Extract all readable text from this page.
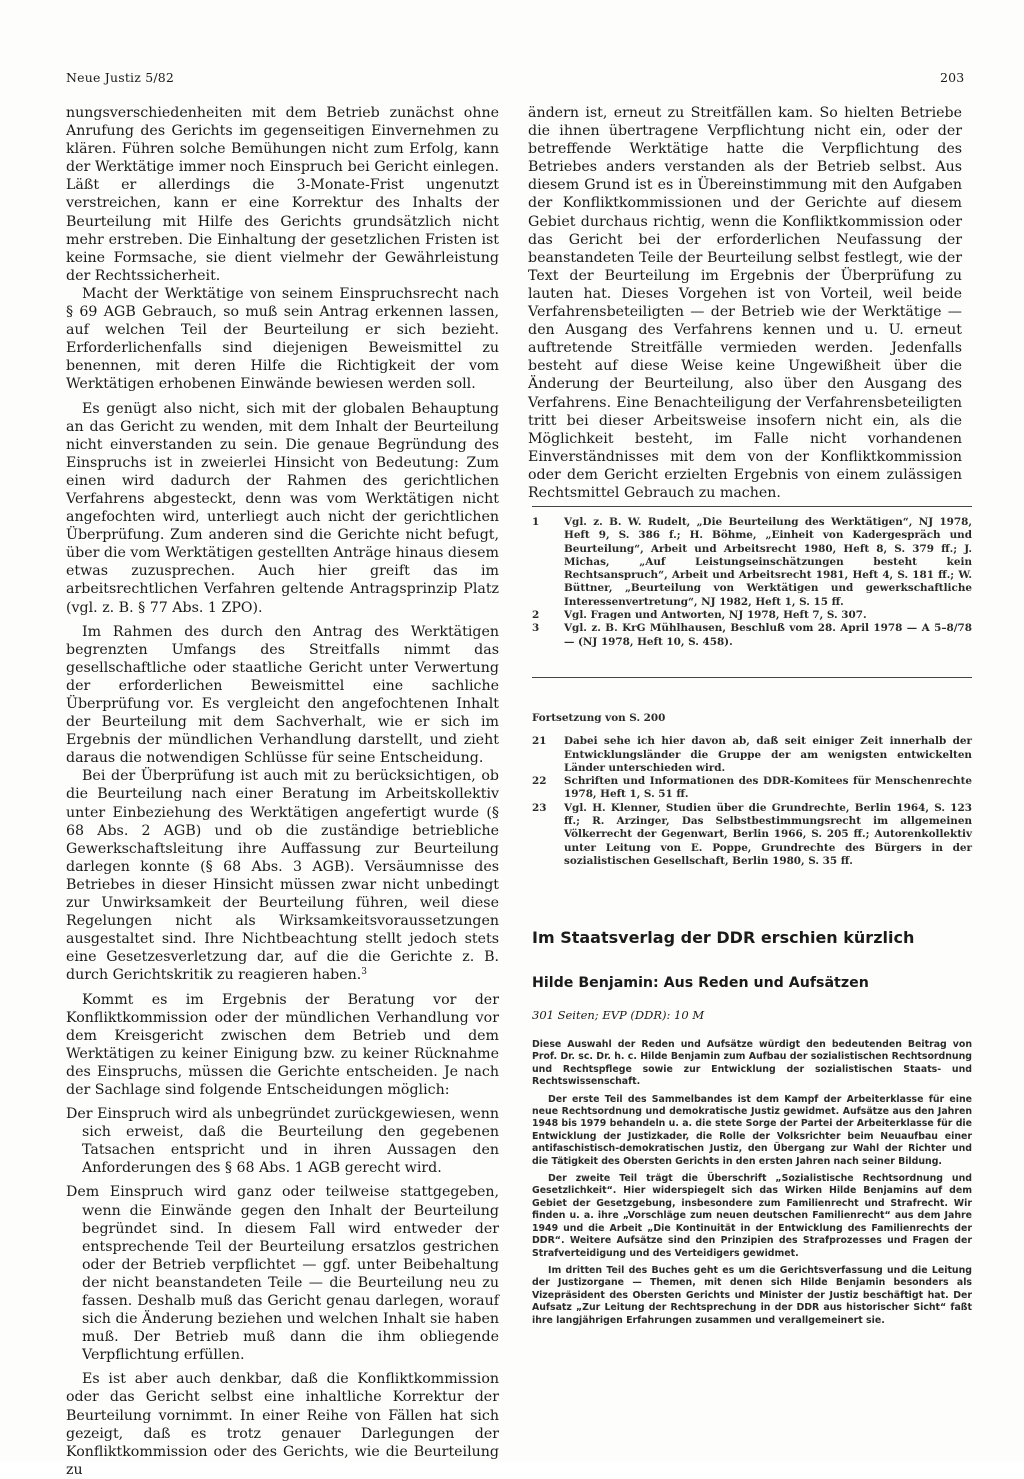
Neue Justiz 5/82	203

nungsverschiedenheiten mit dem Betrieb zunächst ohne Anrufung des Gerichts im gegenseitigen Einvernehmen zu klären. Führen solche Bemühungen nicht zum Erfolg, kann der Werktätige immer noch Einspruch bei Gericht einlegen. Läßt er allerdings die 3-Monate-Frist ungenutzt verstreichen, kann er eine Korrektur des Inhalts der Beurteilung mit Hilfe des Gerichts grundsätzlich nicht mehr erstreben. Die Einhaltung der gesetzlichen Fristen ist keine Formsache, sie dient vielmehr der Gewährleistung der Rechtssicherheit.

Macht der Werktätige von seinem Einspruchsrecht nach § 69 AGB Gebrauch, so muß sein Antrag erkennen lassen, auf welchen Teil der Beurteilung er sich bezieht. Erforderlichenfalls sind diejenigen Beweismittel zu benennen, mit deren Hilfe die Richtigkeit der vom Werktätigen erhobenen Einwände bewiesen werden soll.

Es genügt also nicht, sich mit der globalen Behauptung an das Gericht zu wenden, mit dem Inhalt der Beurteilung nicht einverstanden zu sein. Die genaue Begründung des Einspruchs ist in zweierlei Hinsicht von Bedeutung: Zum einen wird dadurch der Rahmen des gerichtlichen Verfahrens abgesteckt, denn was vom Werktätigen nicht angefochten wird, unterliegt auch nicht der gerichtlichen Überprüfung. Zum anderen sind die Gerichte nicht befugt, über die vom Werktätigen gestellten Anträge hinaus diesem etwas zuzusprechen. Auch hier greift das im arbeitsrechtlichen Verfahren geltende Antragsprinzip Platz (vgl. z. B. § 77 Abs. 1 ZPO).

Im Rahmen des durch den Antrag des Werktätigen begrenzten Umfangs des Streitfalls nimmt das gesellschaftliche oder staatliche Gericht unter Verwertung der erforderlichen Beweismittel eine sachliche Überprüfung vor. Es vergleicht den angefochtenen Inhalt der Beurteilung mit dem Sachverhalt, wie er sich im Ergebnis der mündlichen Verhandlung darstellt, und zieht daraus die notwendigen Schlüsse für seine Entscheidung.

Bei der Überprüfung ist auch mit zu berücksichtigen, ob die Beurteilung nach einer Beratung im Arbeitskollektiv unter Einbeziehung des Werktätigen angefertigt wurde (§ 68 Abs. 2 AGB) und ob die zuständige betriebliche Gewerkschaftsleitung ihre Auffassung zur Beurteilung darlegen konnte (§ 68 Abs. 3 AGB). Versäumnisse des Betriebes in dieser Hinsicht müssen zwar nicht unbedingt zur Unwirksamkeit der Beurteilung führen, weil diese Regelungen nicht als Wirksamkeitsvoraussetzungen ausgestaltet sind. Ihre Nichtbeachtung stellt jedoch stets eine Gesetzesverletzung dar, auf die die Gerichte z. B. durch Gerichtskritik zu reagieren haben.$^3$

Kommt es im Ergebnis der Beratung vor der Konfliktkommission oder der mündlichen Verhandlung vor dem Kreisgericht zwischen dem Betrieb und dem Werktätigen zu keiner Einigung bzw. zu keiner Rücknahme des Einspruchs, müssen die Gerichte entscheiden. Je nach der Sachlage sind folgende Entscheidungen möglich:

Der Einspruch wird als unbegründet zurückgewiesen, wenn sich erweist, daß die Beurteilung den gegebenen Tatsachen entspricht und in ihren Aussagen den Anforderungen des § 68 Abs. 1 AGB gerecht wird.

Dem Einspruch wird ganz oder teilweise stattgegeben, wenn die Einwände gegen den Inhalt der Beurteilung begründet sind. In diesem Fall wird entweder der entsprechende Teil der Beurteilung ersatzlos gestrichen oder der Betrieb verpflichtet — ggf. unter Beibehaltung der nicht beanstandeten Teile — die Beurteilung neu zu fassen. Deshalb muß das Gericht genau darlegen, worauf sich die Änderung beziehen und welchen Inhalt sie haben muß. Der Betrieb muß dann die ihm obliegende Verpflichtung erfüllen.

Es ist aber auch denkbar, daß die Konfliktkommission oder das Gericht selbst eine inhaltliche Korrektur der Beurteilung vornimmt. In einer Reihe von Fällen hat sich gezeigt, daß es trotz genauer Darlegungen der Konfliktkommission oder des Gerichts, wie die Beurteilung zu

ändern ist, erneut zu Streitfällen kam. So hielten Betriebe die ihnen übertragene Verpflichtung nicht ein, oder der betreffende Werktätige hatte die Verpflichtung des Betriebes anders verstanden als der Betrieb selbst. Aus diesem Grund ist es in Übereinstimmung mit den Aufgaben der Konfliktkommissionen und der Gerichte auf diesem Gebiet durchaus richtig, wenn die Konfliktkommission oder das Gericht bei der erforderlichen Neufassung der beanstandeten Teile der Beurteilung selbst festlegt, wie der Text der Beurteilung im Ergebnis der Überprüfung zu lauten hat. Dieses Vorgehen ist von Vorteil, weil beide Verfahrensbeteiligten — der Betrieb wie der Werktätige — den Ausgang des Verfahrens kennen und u. U. erneut auftretende Streitfälle vermieden werden. Jedenfalls besteht auf diese Weise keine Ungewißheit über die Änderung der Beurteilung, also über den Ausgang des Verfahrens. Eine Benachteiligung der Verfahrensbeteiligten tritt bei dieser Arbeitsweise insofern nicht ein, als die Möglichkeit besteht, im Falle nicht vorhandenen Einverständnisses mit dem von der Konfliktkommission oder dem Gericht erzielten Ergebnis von einem zulässigen Rechtsmittel Gebrauch zu machen.

1	Vgl. z. B. W. Rudelt, „Die Beurteilung des Werktätigen“, NJ 1978, Heft 9, S. 386 f.; H. Böhme, „Einheit von Kadergespräch und Beurteilung“, Arbeit und Arbeitsrecht 1980, Heft 8, S. 379 ff.; J. Michas, „Auf Leistungseinschätzungen besteht kein Rechtsanspruch“, Arbeit und Arbeitsrecht 1981, Heft 4, S. 181 ff.; W. Büttner, „Beurteilung von Werktätigen und gewerkschaftliche Interessenvertretung“, NJ 1982, Heft 1, S. 15 ff.
2	Vgl. Fragen und Antworten, NJ 1978, Heft 7, S. 307.
3	Vgl. z. B. KrG Mühlhausen, Beschluß vom 28. April 1978 — A 5–8/78 — (NJ 1978, Heft 10, S. 458).
Fortsetzung von S. 200
21	Dabei sehe ich hier davon ab, daß seit einiger Zeit innerhalb der Entwicklungsländer die Gruppe der am wenigsten entwickelten Länder unterschieden wird.
22	Schriften und Informationen des DDR-Komitees für Menschenrechte 1978, Heft 1, S. 51 ff.
23	Vgl. H. Klenner, Studien über die Grundrechte, Berlin 1964, S. 123 ff.; R. Arzinger, Das Selbstbestimmungsrecht im allgemeinen Völkerrecht der Gegenwart, Berlin 1966, S. 205 ff.; Autorenkollektiv unter Leitung von E. Poppe, Grundrechte des Bürgers in der sozialistischen Gesellschaft, Berlin 1980, S. 35 ff.
Im Staatsverlag der DDR erschien kürzlich
Hilde Benjamin: Aus Reden und Aufsätzen
301 Seiten; EVP (DDR): 10 M

Diese Auswahl der Reden und Aufsätze würdigt den bedeutenden Beitrag von Prof. Dr. sc. Dr. h. c. Hilde Benjamin zum Aufbau der sozialistischen Rechtsordnung und Rechtspflege sowie zur Entwicklung der sozialistischen Staats- und Rechtswissenschaft.

Der erste Teil des Sammelbandes ist dem Kampf der Arbeiterklasse für eine neue Rechtsordnung und demokratische Justiz gewidmet. Aufsätze aus den Jahren 1948 bis 1979 behandeln u. a. die stete Sorge der Partei der Arbeiterklasse für die Entwicklung der Justizkader, die Rolle der Volksrichter beim Neuaufbau einer antifaschistisch-demokratischen Justiz, den Übergang zur Wahl der Richter und die Tätigkeit des Obersten Gerichts in den ersten Jahren nach seiner Bildung.

Der zweite Teil trägt die Überschrift „Sozialistische Rechtsordnung und Gesetzlichkeit“. Hier widerspiegelt sich das Wirken Hilde Benjamins auf dem Gebiet der Gesetzgebung, insbesondere zum Familienrecht und Strafrecht. Wir finden u. a. ihre „Vorschläge zum neuen deutschen Familienrecht“ aus dem Jahre 1949 und die Arbeit „Die Kontinuität in der Entwicklung des Familienrechts der DDR“. Weitere Aufsätze sind den Prinzipien des Strafprozesses und Fragen der Strafverteidigung und des Verteidigers gewidmet.

Im dritten Teil des Buches geht es um die Gerichtsverfassung und die Leitung der Justizorgane — Themen, mit denen sich Hilde Benjamin besonders als Vizepräsident des Obersten Gerichts und Minister der Justiz beschäftigt hat. Der Aufsatz „Zur Leitung der Rechtsprechung in der DDR aus historischer Sicht“ faßt ihre langjährigen Erfahrungen zusammen und verallgemeinert sie.
